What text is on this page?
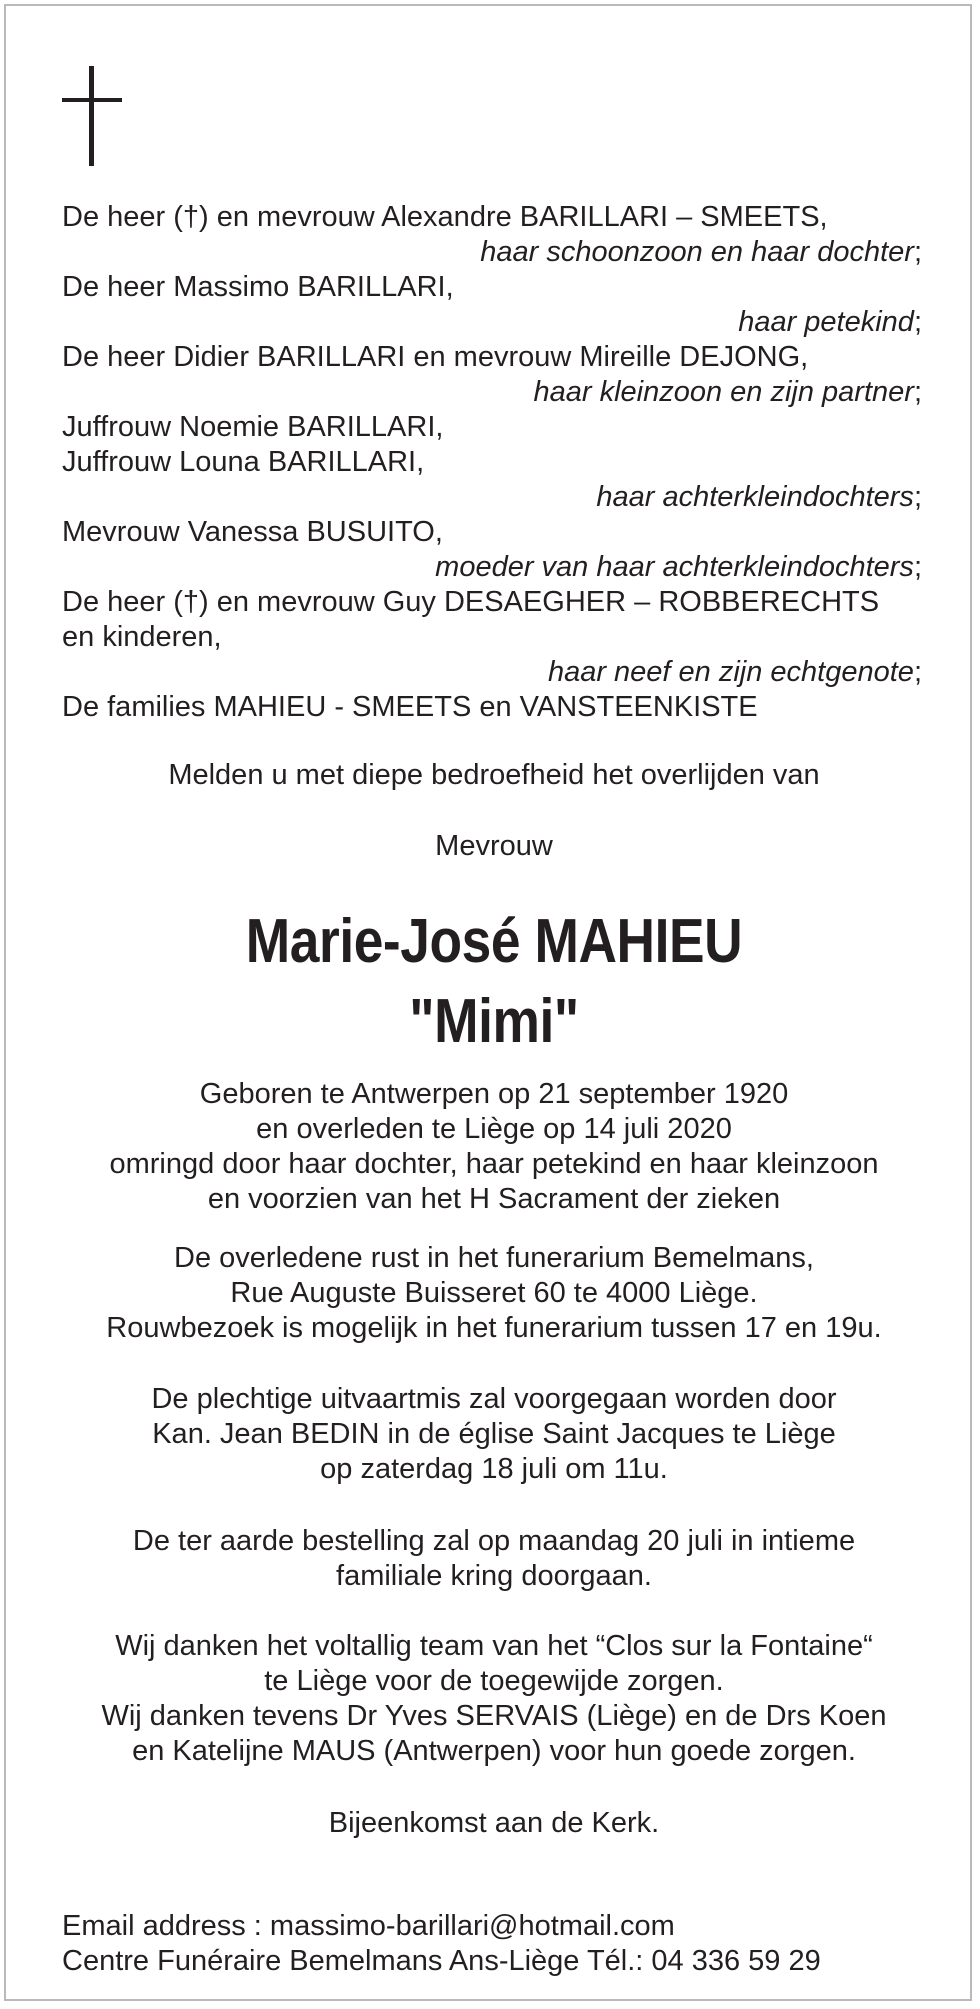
De heer (†) en mevrouw Alexandre BARILLARI – SMEETS,
haar schoonzoon en haar dochter;
De heer Massimo BARILLARI,
haar petekind;
De heer Didier BARILLARI en mevrouw Mireille DEJONG,
haar kleinzoon en zijn partner;
Juffrouw Noemie BARILLARI,
Juffrouw Louna BARILLARI,
haar achterkleindochters;
Mevrouw Vanessa BUSUITO,
moeder van haar achterkleindochters;
De heer (†) en mevrouw Guy DESAEGHER – ROBBERECHTS
en kinderen,
haar neef en zijn echtgenote;
De families MAHIEU - SMEETS en VANSTEENKISTE
Melden u met diepe bedroefheid het overlijden van
Mevrouw
Marie-José MAHIEU
"Mimi"
Geboren te Antwerpen op 21 september 1920
en overleden te Liège op 14 juli 2020
omringd door haar dochter, haar petekind en haar kleinzoon
en voorzien van het H Sacrament der zieken
De overledene rust in het funerarium Bemelmans,
Rue Auguste Buisseret 60 te 4000 Liège.
Rouwbezoek is mogelijk in het funerarium tussen 17 en 19u.
De plechtige uitvaartmis zal voorgegaan worden door
Kan. Jean BEDIN in de église Saint Jacques te Liège
op zaterdag 18 juli om 11u.
De ter aarde bestelling zal op maandag 20 juli in intieme
familiale kring doorgaan.
Wij danken het voltallig team van het “Clos sur la Fontaine“
te Liège voor de toegewijde zorgen.
Wij danken tevens Dr Yves SERVAIS (Liège) en de Drs Koen
en Katelijne MAUS (Antwerpen) voor hun goede zorgen.
Bijeenkomst aan de Kerk.
Email address : massimo-barillari@hotmail.com
Centre Funéraire Bemelmans Ans-Liège Tél.: 04 336 59 29
